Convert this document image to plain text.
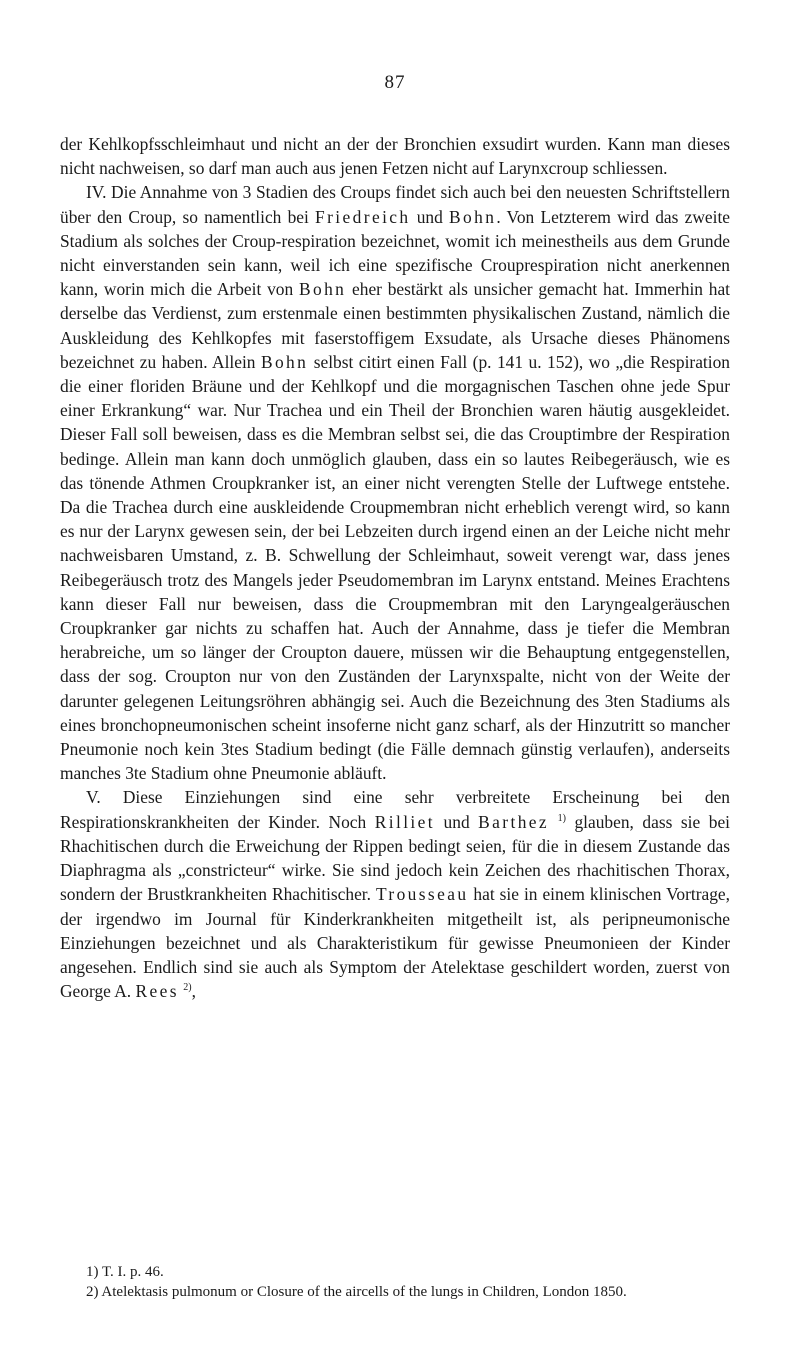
87

der Kehlkopfsschleimhaut und nicht an der der Bronchien exsudirt wurden. Kann man dieses nicht nachweisen, so darf man auch aus jenen Fetzen nicht auf Larynxcroup schliessen.

IV. Die Annahme von 3 Stadien des Croups findet sich auch bei den neuesten Schriftstellern über den Croup, so namentlich bei Friedreich und Bohn. Von Letzterem wird das zweite Stadium als solches der Croup-respiration bezeichnet, womit ich meinestheils aus dem Grunde nicht einverstanden sein kann, weil ich eine spezifische Crouprespiration nicht anerkennen kann, worin mich die Arbeit von Bohn eher bestärkt als unsicher gemacht hat. Immerhin hat derselbe das Verdienst, zum erstenmale einen bestimmten physikalischen Zustand, nämlich die Auskleidung des Kehlkopfes mit faserstoffigem Exsudate, als Ursache dieses Phänomens bezeichnet zu haben. Allein Bohn selbst citirt einen Fall (p. 141 u. 152), wo „die Respiration die einer floriden Bräune und der Kehlkopf und die morgagnischen Taschen ohne jede Spur einer Erkrankung“ war. Nur Trachea und ein Theil der Bronchien waren häutig ausgekleidet. Dieser Fall soll beweisen, dass es die Membran selbst sei, die das Crouptimbre der Respiration bedinge. Allein man kann doch unmöglich glauben, dass ein so lautes Reibegeräusch, wie es das tönende Athmen Croupkranker ist, an einer nicht verengten Stelle der Luftwege entstehe. Da die Trachea durch eine auskleidende Croupmembran nicht erheblich verengt wird, so kann es nur der Larynx gewesen sein, der bei Lebzeiten durch irgend einen an der Leiche nicht mehr nachweisbaren Umstand, z. B. Schwellung der Schleimhaut, soweit verengt war, dass jenes Reibegeräusch trotz des Mangels jeder Pseudomembran im Larynx entstand. Meines Erachtens kann dieser Fall nur beweisen, dass die Croupmembran mit den Laryngealgeräuschen Croupkranker gar nichts zu schaffen hat. Auch der Annahme, dass je tiefer die Membran herabreiche, um so länger der Croupton dauere, müssen wir die Behauptung entgegenstellen, dass der sog. Croupton nur von den Zuständen der Larynxspalte, nicht von der Weite der darunter gelegenen Leitungsröhren abhängig sei. Auch die Bezeichnung des 3ten Stadiums als eines bronchopneumonischen scheint insoferne nicht ganz scharf, als der Hinzutritt so mancher Pneumonie noch kein 3tes Stadium bedingt (die Fälle demnach günstig verlaufen), anderseits manches 3te Stadium ohne Pneumonie abläuft.

V. Diese Einziehungen sind eine sehr verbreitete Erscheinung bei den Respirationskrankheiten der Kinder. Noch Rilliet und Barthez $^{1)}$ glauben, dass sie bei Rhachitischen durch die Erweichung der Rippen bedingt seien, für die in diesem Zustande das Diaphragma als „constricteur“ wirke. Sie sind jedoch kein Zeichen des rhachitischen Thorax, sondern der Brustkrankheiten Rhachitischer. Trousseau hat sie in einem klinischen Vortrage, der irgendwo im Journal für Kinderkrankheiten mitgetheilt ist, als peripneumonische Einziehungen bezeichnet und als Charakteristikum für gewisse Pneumonieen der Kinder angesehen. Endlich sind sie auch als Symptom der Atelektase geschildert worden, zuerst von George A. Rees $^{2)}$,

1) T. I. p. 46.

2) Atelektasis pulmonum or Closure of the aircells of the lungs in Children, London 1850.
